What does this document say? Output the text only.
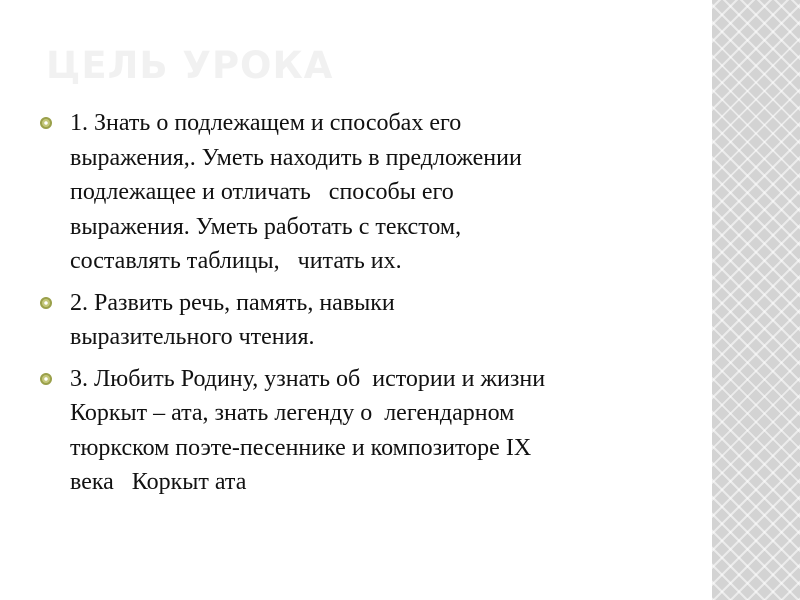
ЦЕЛЬ УРОКА
1. Знать о подлежащем и способах его
выражения,. Уметь находить в предложении
подлежащее и отличать   способы его
выражения. Уметь работать с текстом,
составлять таблицы,   читать их.
2. Развить речь, память, навыки
выразительного чтения.
3. Любить Родину, узнать об  истории и жизни
Коркыт – ата, знать легенду о  легендарном
тюркском поэте-песеннике и композиторе IX
века   Коркыт ата
